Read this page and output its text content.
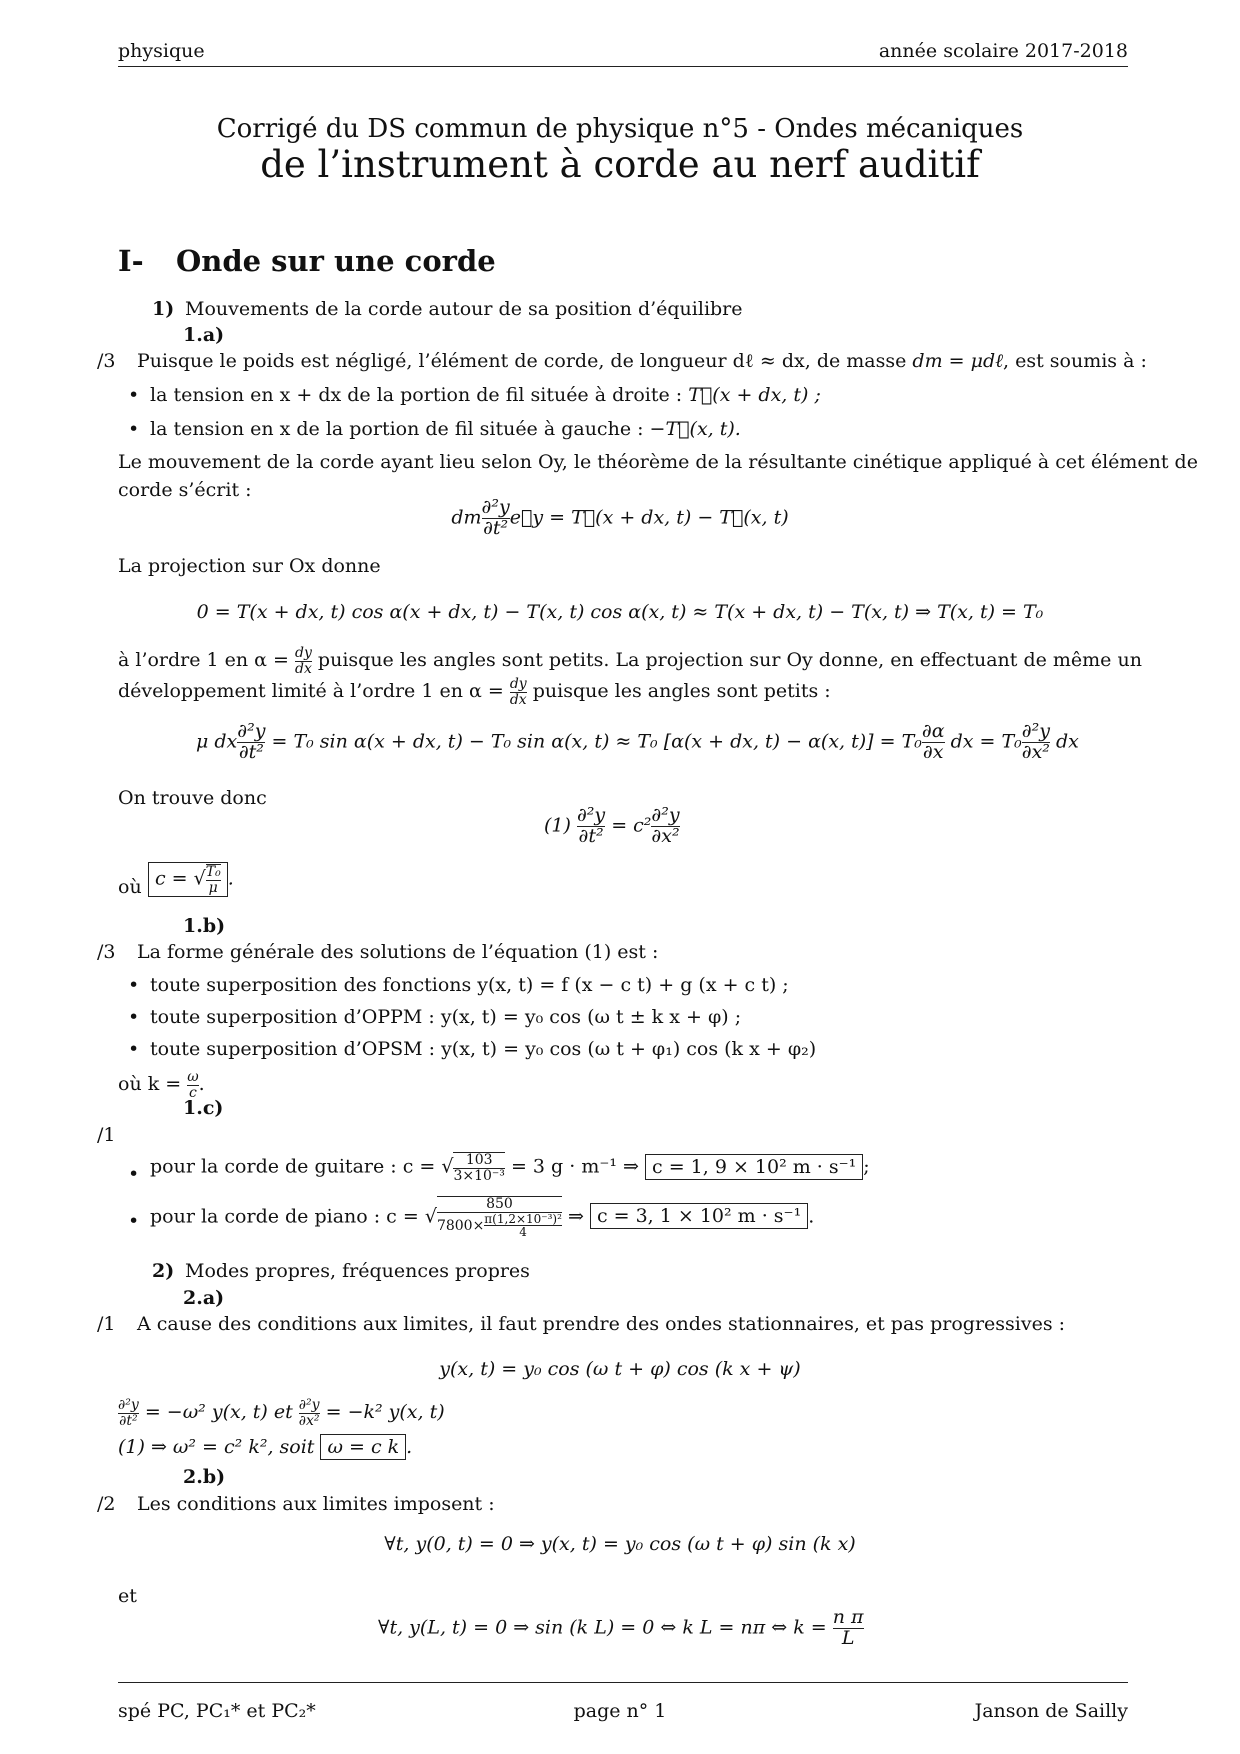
physique	année scolaire 2017-2018
Corrigé du DS commun de physique n°5 - Ondes mécaniques
de l’instrument à corde au nerf auditif
I- Onde sur une corde
1) Mouvements de la corde autour de sa position d’équilibre
1.a)
/3 Puisque le poids est négligé, l’élément de corde, de longueur dℓ ≈ dx, de masse dm = μdℓ, est soumis à :
• la tension en x + dx de la portion de fil située à droite : T⃗(x + dx, t) ;
• la tension en x de la portion de fil située à gauche : −T⃗(x, t).
Le mouvement de la corde ayant lieu selon Oy, le théorème de la résultante cinétique appliqué à cet élément de
corde s’écrit :
dm $\frac{\text{∂²y}}{\text{∂t²}}$ e⃗y = T⃗(x + dx, t) − T⃗(x, t)
La projection sur Ox donne
0 = T(x + dx, t) cos α(x + dx, t) − T(x, t) cos α(x, t) ≈ T(x + dx, t) − T(x, t) ⇒ T(x, t) = T₀
à l’ordre 1 en $\alpha = \frac{dy}{dx}$ puisque les angles sont petits. La projection sur Oy donne, en effectuant de même un
développement limité à l’ordre 1 en $\alpha = \frac{dy}{dx}$ puisque les angles sont petits :
μ dx $\frac{\text{∂²y}}{\text{∂t²}} = T_0$ sin α(x + dx, t) − T₀ sin α(x, t) ≈ T₀ [α(x + dx, t) − α(x, $t)] = T_0 \frac{\partial\alpha}{\partial x}$ dx = $T_0 \frac{\text{∂²y}}{\text{∂x²}}$ dx
On trouve donc
$(1) \frac{\text{∂²y}}{\text{∂t²}} = c^2 \frac{\text{∂²y}}{\text{∂x²}}$
où c = √ $\frac{\text{T₀}}{\mu}$ .
1.b)
/3 La forme générale des solutions de l’équation (1) est :
• toute superposition des fonctions y(x, t) = f (x − c t) + g (x + c t) ;
• toute superposition d’OPPM : y(x, t) = y₀ cos (ω t ± k x + φ) ;
• toute superposition d’OPSM : y(x, t) = y₀ cos (ω t + φ₁) cos (k x + φ₂)
où $k = \frac{\omega}{c}$ .
1.c)
/1
• pour la corde de guitare : c = √ $\frac{103}{\text{3×10⁻³}} = 3$ g · m⁻¹ ⇒ c = 1, 9 × 10² m · s⁻¹ ;
• pour la corde de piano : c = √ $\frac{850}{7800\times \frac{\text{π(1,2×10⁻³)²}}{4}}$ ⇒ c = 3, 1 × 10² m · s⁻¹ .
2) Modes propres, fréquences propres
2.a)
/1 A cause des conditions aux limites, il faut prendre des ondes stationnaires, et pas progressives :
y(x, t) = y₀ cos (ω t + φ) cos (k x + ψ)
$\frac{\text{∂²y}}{\text{∂t²}} = -\omega^2$ y(x, t) et $\frac{\text{∂²y}}{\text{∂x²}} = -k^2$ y(x, t)
(1) ⇒ ω² = c² k², soit ω = c k .
2.b)
/2 Les conditions aux limites imposent :
∀t, y(0, t) = 0 ⇒ y(x, t) = y₀ cos (ω t + φ) sin (k x)
et
∀t, y(L, t) = 0 ⇒ sin (k L) = 0 ⇔ k L = nπ ⇔ $k = \frac{\text{n π}}{L}$
spé PC, PC₁* et PC₂*	page n° 1	Janson de Sailly
